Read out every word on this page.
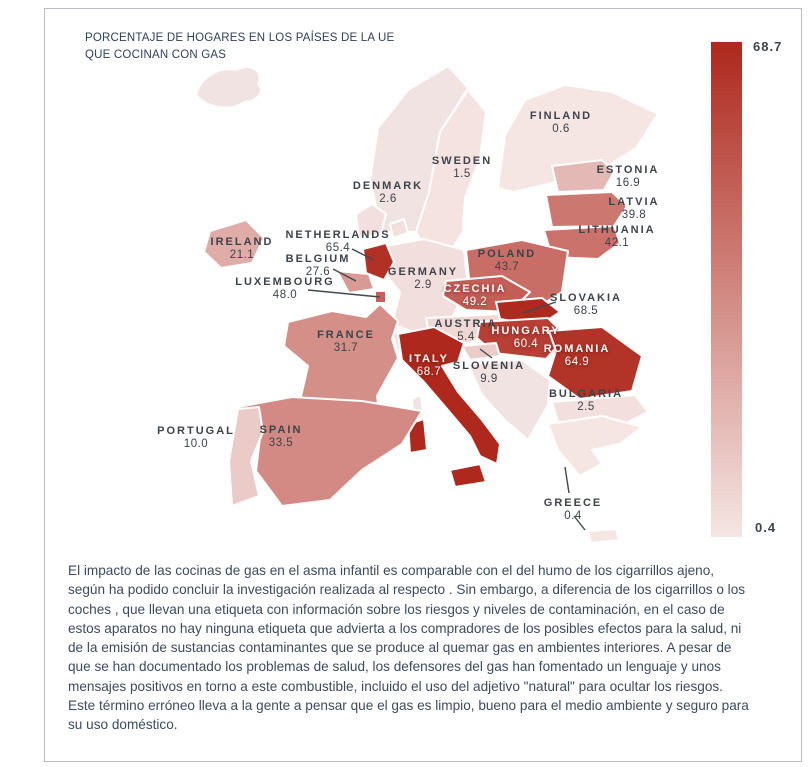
PORCENTAJE DE HOGARES EN LOS PAÍSES DE LA UE
QUE COCINAN CON GAS
FINLAND
0.6
SWEDEN
1.5
DENMARK
2.6
ESTONIA
16.9
LATVIA
39.8
LITHUANIA
42.1
IRELAND
21.1
NETHERLANDS
65.4
BELGIUM
27.6
LUXEMBOURG
48.0
GERMANY
2.9
POLAND
43.7
CZECHIA
49.2	SLOVAKIA
68.5
AUSTRIA
5.4	HUNGARY
60.4 ROMANIA
64.9
FRANCE
31.7
ITALY
68.7	SLOVENIA
9.9
BULGARIA
2.5
PORTUGAL
10.0
SPAIN
33.5
GREECE
0.4
68.7
0.4

El impacto de las cocinas de gas en el asma infantil es comparable con el del humo de los cigarrillos ajeno, según ha podido concluir la investigación realizada al respecto . Sin embargo, a diferencia de los cigarrillos o los coches , que llevan una etiqueta con información sobre los riesgos y niveles de contaminación, en el caso de estos aparatos no hay ninguna etiqueta que advierta a los compradores de los posibles efectos para la salud, ni de la emisión de sustancias contaminantes que se produce al quemar gas en ambientes interiores. A pesar de que se han documentado los problemas de salud, los defensores del gas han fomentado un lenguaje y unos mensajes positivos en torno a este combustible, incluido el uso del adjetivo "natural" para ocultar los riesgos. Este término erróneo lleva a la gente a pensar que el gas es limpio, bueno para el medio ambiente y seguro para su uso doméstico.
